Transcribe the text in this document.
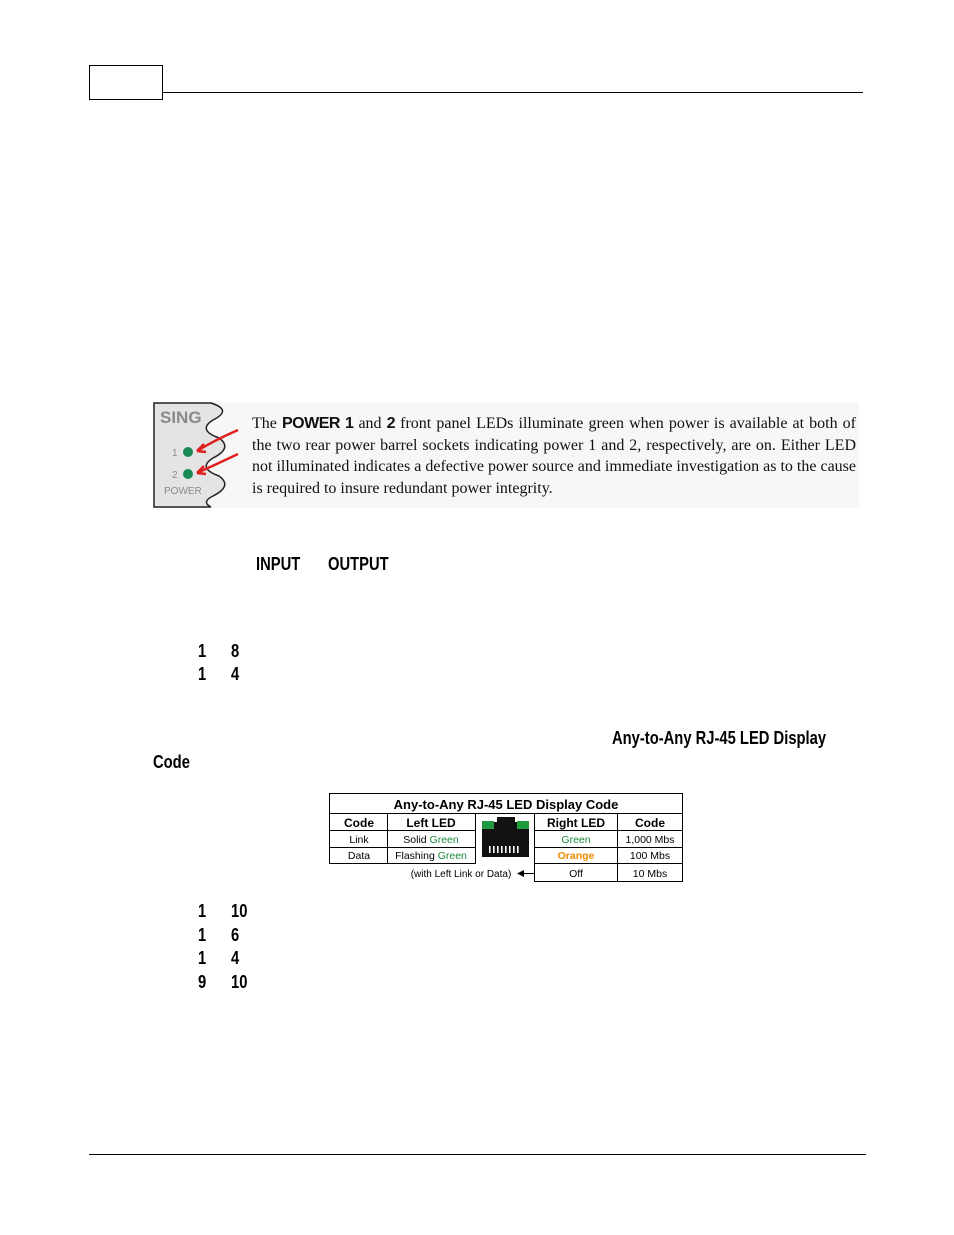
SING
1
2
POWER
The POWER 1 and 2 front panel LEDs illuminate green when power is available at both of the two rear power barrel sockets indicating power 1 and 2, respectively, are on. Either LED not illuminated indicates a defective power source and immediate investigation as to the cause is required to insure redundant power integrity.
INPUT OUTPUT
1 8
1 4
Any-to-Any RJ-45 LED Display
Code
Any-to-Any RJ-45 LED Display Code
Code	Left LED
Link	Solid Green
Data Flashing Green
Right LED	Code
Green	1,000 Mbs
Orange	100 Mbs
Off	10 Mbs
(with Left Link or Data)
1 10
1 6
1 4
9 10
